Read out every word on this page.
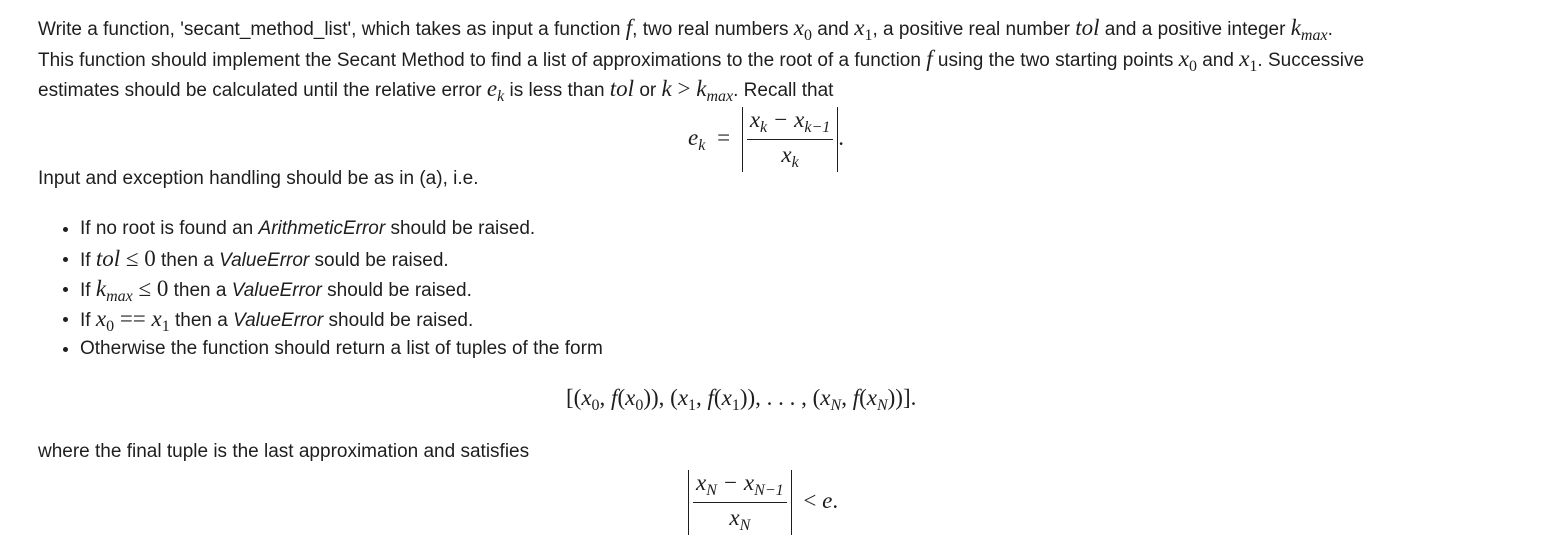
Write a function, 'secant_method_list', which takes as input a function f, two real numbers $x_0$ and $x_1$, a positive real number tol and a positive integer $k_{max}$.
This function should implement the Secant Method to find a list of approximations to the root of a function f using the two starting points $x_0$ and $x_1$. Successive
estimates should be calculated until the relative error $e_k$ is less than tol or $k > k_{max}$. Recall that
$e_k = \frac{x_k - x_{k-1}}{x_k}$ .
Input and exception handling should be as in (a), i.e.
If no root is found an ArithmeticError should be raised.
If tol ≤ 0 then a ValueError sould be raised.
If $k_{max} \le 0$ then a ValueError should be raised.
If $x_0 == x_1$ then a ValueError should be raised.
Otherwise the function should return a list of tuples of the form
[($x_0$, $f(x_0)$), ($x_1$, $f(x_1)$), . . . , ($x_N$, $f(x_N)$)].
where the final tuple is the last approximation and satisfies
$\frac{x_N - x_{N-1}}{x_N} < e$.
